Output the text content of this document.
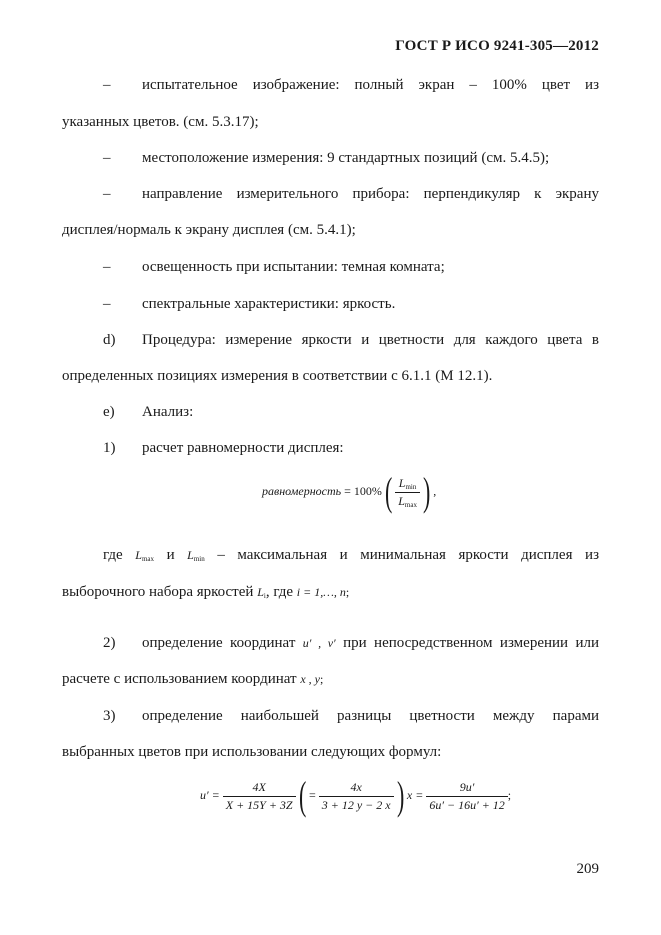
ГОСТ Р ИСО 9241-305—2012
– испытательное изображение: полный экран – 100% цвет из
указанных цветов. (см. 5.3.17);
– местоположение измерения: 9 стандартных позиций (см. 5.4.5);
– направление измерительного прибора: перпендикуляр к экрану
дисплея/нормаль к экрану дисплея (см. 5.4.1);
– освещенность при испытании: темная комната;
– спектральные характеристики: яркость.
d) Процедура: измерение яркости и цветности для каждого цвета в
определенных позициях измерения в соответствии с 6.1.1 (М 12.1).
e) Анализ:
1) расчет равномерности дисплея:
равномерность = $100\%( \frac{L_{min}}{L_{max}}$ ) ,
где $L_{max}$ и $L_{min}$ – максимальная и минимальная яркости дисплея из
выборочного набора яркостей $L_i$, где i = 1,…, n;
2) определение координат u′ , v′ при непосредственном измерении или
расчете с использованием координат x , y;
3) определение наибольшей разницы цветности между парами
выбранных цветов при использовании следующих формул:
$u' = \frac{4X}{X + 15Y + 3Z}$ ( = $\frac{4x}{3 + 12 y - 2 x}$ ) $x = \frac{9u'}{6u' - 16u' + 12}$ ;
209
